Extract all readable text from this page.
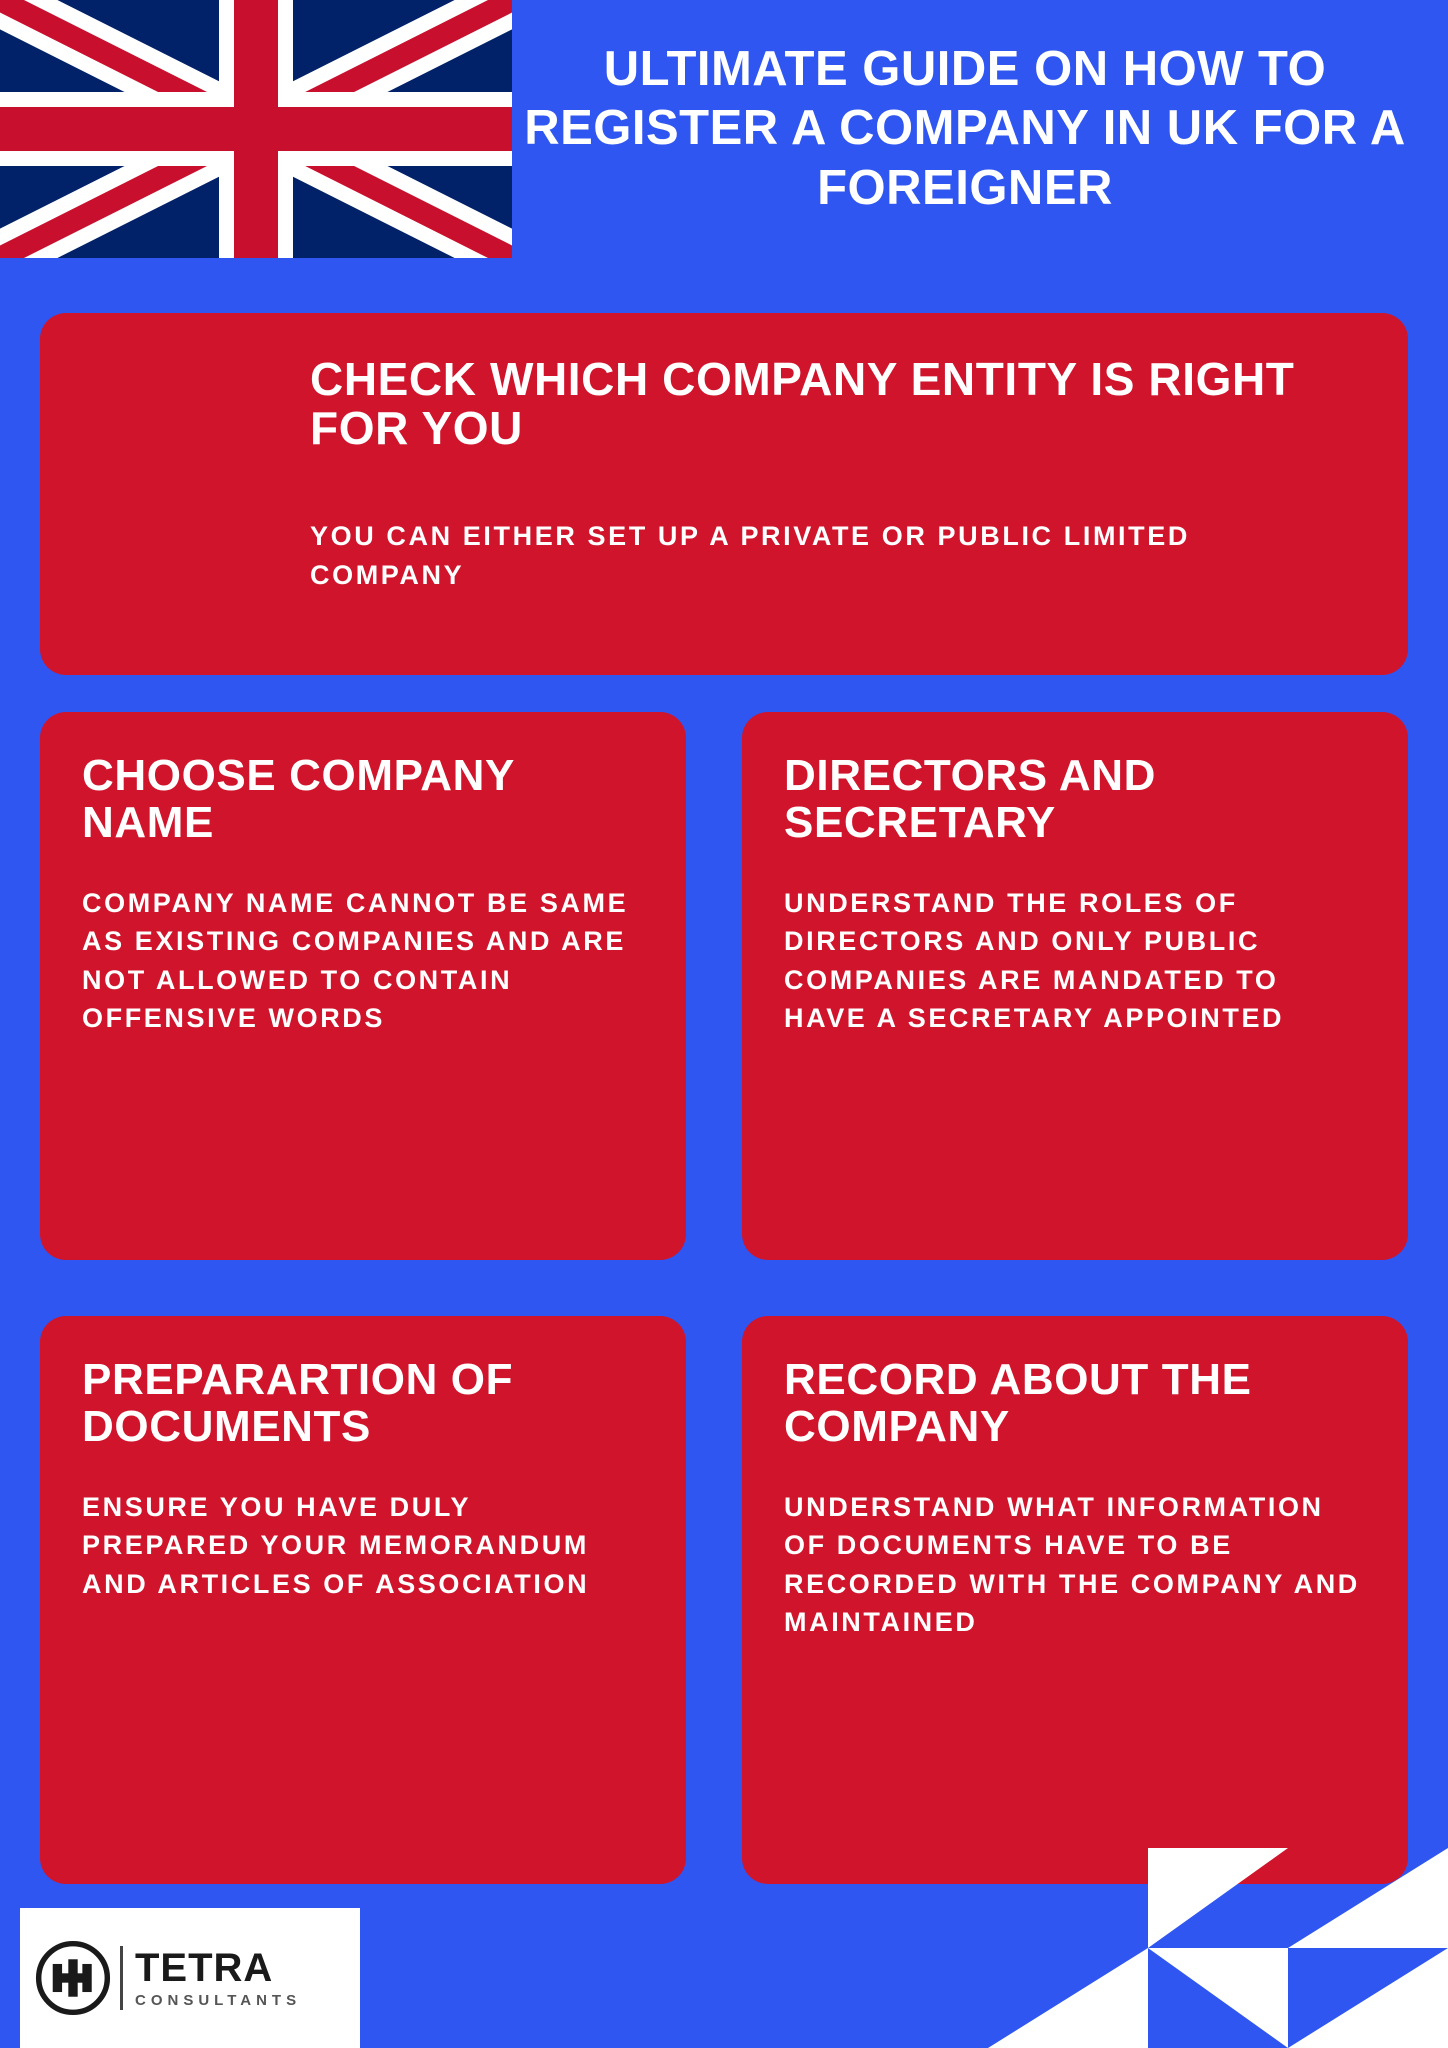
ULTIMATE GUIDE ON HOW TO REGISTER A COMPANY IN UK FOR A FOREIGNER
CHECK WHICH COMPANY ENTITY IS RIGHT FOR YOU
YOU CAN EITHER SET UP A PRIVATE OR PUBLIC LIMITED COMPANY
CHOOSE COMPANY NAME
COMPANY NAME CANNOT BE SAME AS EXISTING COMPANIES AND ARE NOT ALLOWED TO CONTAIN OFFENSIVE WORDS
DIRECTORS AND SECRETARY
UNDERSTAND THE ROLES OF DIRECTORS AND ONLY PUBLIC COMPANIES ARE MANDATED TO HAVE A SECRETARY APPOINTED
PREPARARTION OF DOCUMENTS
ENSURE YOU HAVE DULY PREPARED YOUR MEMORANDUM AND ARTICLES OF ASSOCIATION
RECORD ABOUT THE COMPANY
UNDERSTAND WHAT INFORMATION OF DOCUMENTS HAVE TO BE RECORDED WITH THE COMPANY AND MAINTAINED
TETRA
CONSULTANTS
